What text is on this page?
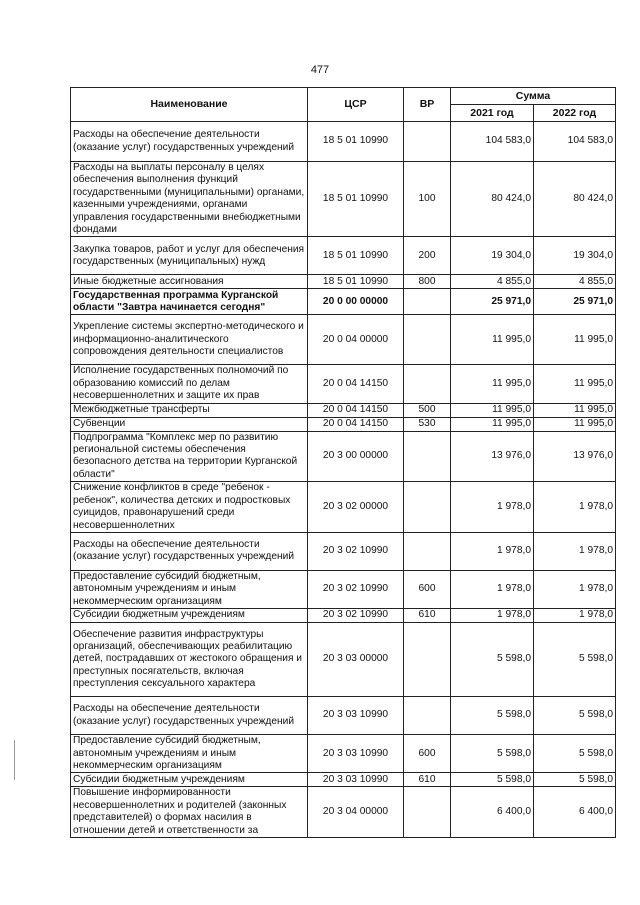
477
Наименование	ЦСР	ВР	Сумма	
			2021 год	2022 год
Расходы на обеспечение деятельности (оказание услуг) государственных учреждений	18 5 01 10990		104 583,0	104 583,0
Расходы на выплаты персоналу в целях обеспечения выполнения функций государственными (муниципальными) органами, казенными учреждениями, органами управления государственными внебюджетными фондами	18 5 01 10990	100	80 424,0	80 424,0
Закупка товаров, работ и услуг для обеспечения государственных (муниципальных) нужд	18 5 01 10990	200	19 304,0	19 304,0
Иные бюджетные ассигнования	18 5 01 10990	800	4 855,0	4 855,0
Государственная программа Курганской области "Завтра начинается сегодня"	20 0 00 00000		25 971,0	25 971,0
Укрепление системы экспертно-методического и информационно-аналитического сопровождения деятельности специалистов	20 0 04 00000		11 995,0	11 995,0
Исполнение государственных полномочий по образованию комиссий по делам несовершеннолетних и защите их прав	20 0 04 14150		11 995,0	11 995,0
Межбюджетные трансферты	20 0 04 14150	500	11 995,0	11 995,0
Субвенции	20 0 04 14150	530	11 995,0	11 995,0
Подпрограмма "Комплекс мер по развитию региональной системы обеспечения безопасного детства на территории Курганской области"	20 3 00 00000		13 976,0	13 976,0
Снижение конфликтов в среде "ребенок - ребенок", количества детских и подростковых суицидов, правонарушений среди несовершеннолетних	20 3 02 00000		1 978,0	1 978,0
Расходы на обеспечение деятельности (оказание услуг) государственных учреждений	20 3 02 10990		1 978,0	1 978,0
Предоставление субсидий бюджетным, автономным учреждениям и иным некоммерческим организациям	20 3 02 10990	600	1 978,0	1 978,0
Субсидии бюджетным учреждениям	20 3 02 10990	610	1 978,0	1 978,0
Обеспечение развития инфраструктуры организаций, обеспечивающих реабилитацию детей, пострадавших от жестокого обращения и преступных посягательств, включая преступления сексуального характера	20 3 03 00000		5 598,0	5 598,0
Расходы на обеспечение деятельности (оказание услуг) государственных учреждений	20 3 03 10990		5 598,0	5 598,0
Предоставление субсидий бюджетным, автономным учреждениям и иным некоммерческим организациям	20 3 03 10990	600	5 598,0	5 598,0
Субсидии бюджетным учреждениям	20 3 03 10990	610	5 598,0	5 598,0
Повышение информированности несовершеннолетних и родителей (законных представителей) о формах насилия в отношении детей и ответственности за	20 3 04 00000		6 400,0	6 400,0
